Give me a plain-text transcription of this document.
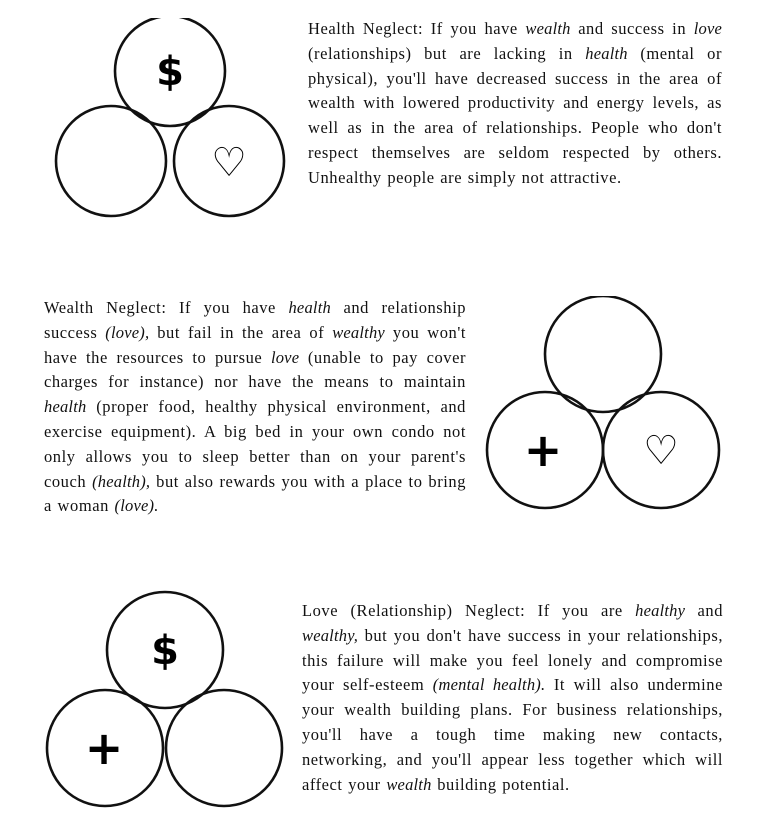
$
♡

Health Neglect: If you have wealth and success in love (relationships) but are lacking in health (mental or physical), you'll have decreased success in the area of wealth with lowered productivity and energy levels, as well as in the area of relationships. People who don't respect themselves are seldom respected by others. Unhealthy people are simply not attractive.

Wealth Neglect: If you have health and relationship success (love), but fail in the area of wealthy you won't have the resources to pursue love (unable to pay cover charges for instance) nor have the means to maintain health (proper food, healthy physical environment, and exercise equipment). A big bed in your own condo not only allows you to sleep better than on your parent's couch (health), but also rewards you with a place to bring a woman (love).

+ ♡
$
+

Love (Relationship) Neglect: If you are healthy and wealthy, but you don't have success in your relationships, this failure will make you feel lonely and compromise your self-esteem (mental health). It will also undermine your wealth building plans. For business relationships, you'll have a tough time making new contacts, networking, and you'll appear less together which will affect your wealth building potential.
